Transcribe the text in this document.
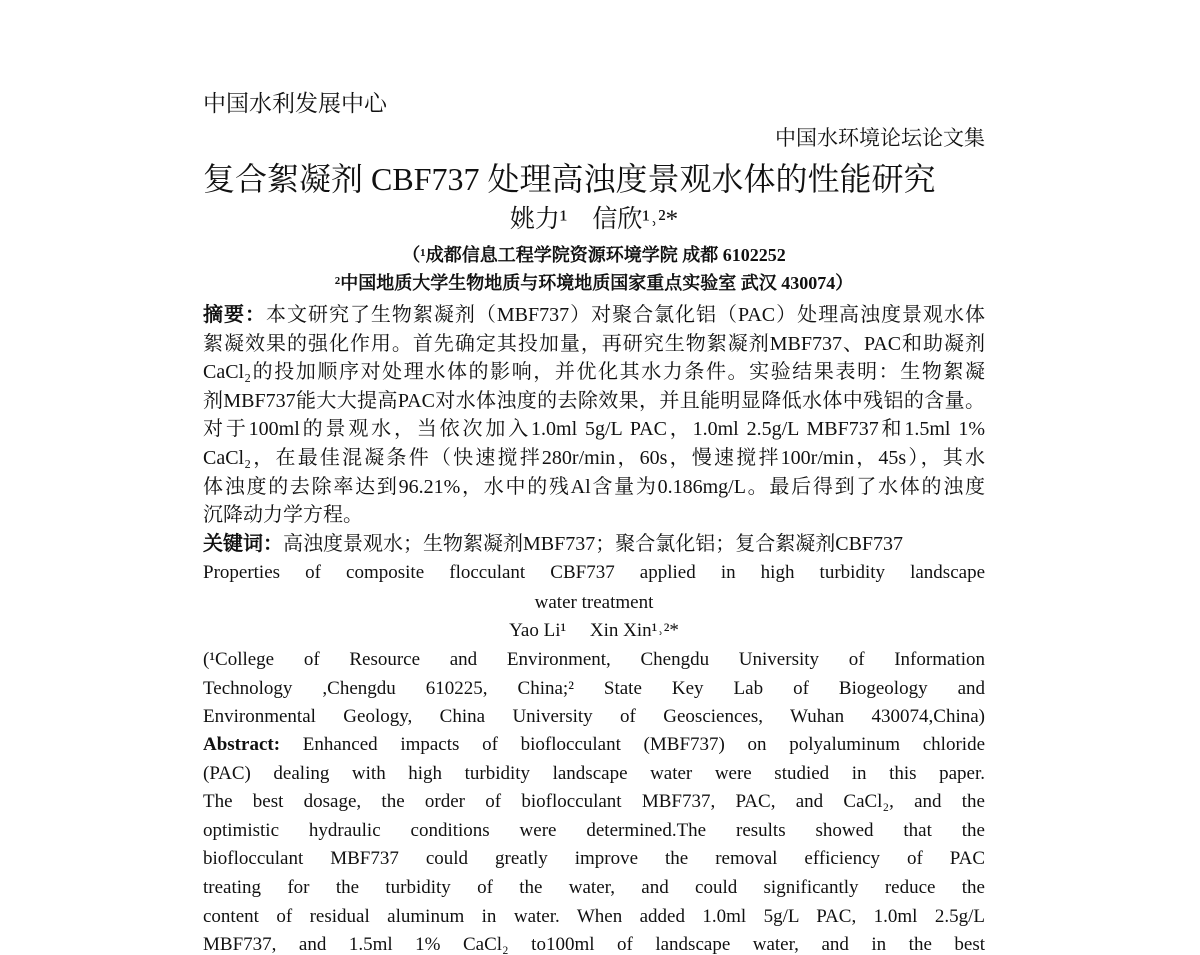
中国水利发展中心
中国水环境论坛论文集
复合絮凝剂 CBF737 处理高浊度景观水体的性能研究
姚力¹　信欣¹˒²*
（¹成都信息工程学院资源环境学院 成都 6102252
²中国地质大学生物地质与环境地质国家重点实验室 武汉 430074）
摘要：本文研究了生物絮凝剂（MBF737）对聚合氯化铝（PAC）处理高浊度景观水体
絮凝效果的强化作用。首先确定其投加量，再研究生物絮凝剂MBF737、PAC和助凝剂
CaCl₂的投加顺序对处理水体的影响，并优化其水力条件。实验结果表明：生物絮凝
剂MBF737能大大提高PAC对水体浊度的去除效果，并且能明显降低水体中残铝的含量。
对于100ml的景观水，当依次加入1.0ml 5g/L PAC，1.0ml 2.5g/L MBF737和1.5ml 1%
CaCl₂，在最佳混凝条件（快速搅拌280r/min，60s，慢速搅拌100r/min，45s），其水
体浊度的去除率达到96.21%，水中的残Al含量为0.186mg/L。最后得到了水体的浊度
沉降动力学方程。
关键词：高浊度景观水；生物絮凝剂MBF737；聚合氯化铝；复合絮凝剂CBF737
Properties of composite flocculant CBF737 applied in high turbidity landscape
water treatment
Yao Li¹　 Xin Xin¹˒²*
(¹College of Resource and Environment, Chengdu University of Information
Technology ,Chengdu 610225, China;² State Key Lab of Biogeology and
Environmental Geology, China University of Geosciences, Wuhan 430074,China)
Abstract: Enhanced impacts of bioflocculant (MBF737) on polyaluminum chloride
(PAC) dealing with high turbidity landscape water were studied in this paper.
The best dosage, the order of bioflocculant MBF737, PAC, and CaCl₂, and the
optimistic hydraulic conditions were determined.The results showed that the
bioflocculant MBF737 could greatly improve the removal efficiency of PAC
treating for the turbidity of the water, and could significantly reduce the
content of residual aluminum in water. When added 1.0ml 5g/L PAC, 1.0ml 2.5g/L
MBF737, and 1.5ml 1% CaCl₂ to100ml of landscape water, and in the best
